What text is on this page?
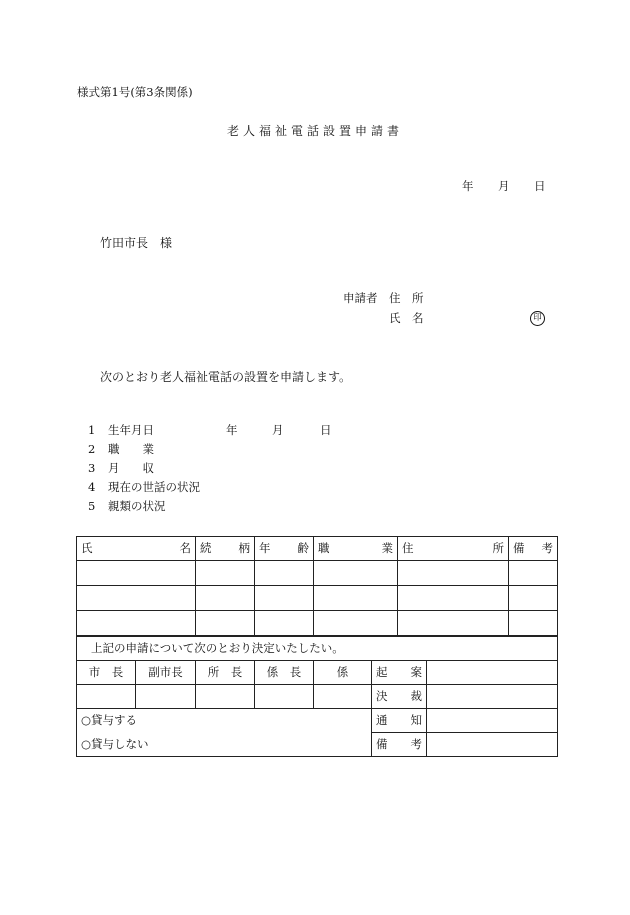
様式第1号(第3条関係)
老人福祉電話設置申請書
年 月 日
竹田市長　様
申請者 住　所
氏　名	印
次のとおり老人福祉電話の設置を申請します。
1 生年月日	年	月	日
2 職　　業
3 月　　収
4 現在の世話の状況
5 親類の状況
氏 名	続 柄	年 齢	職 業	住 所	備 考

上記の申請について次のとおり決定いたしたい。						
市　長	副市長	所　長	係　長	係	起 案	

					決 裁	

○貸与する					通 知	

○貸与しない					備 考	
